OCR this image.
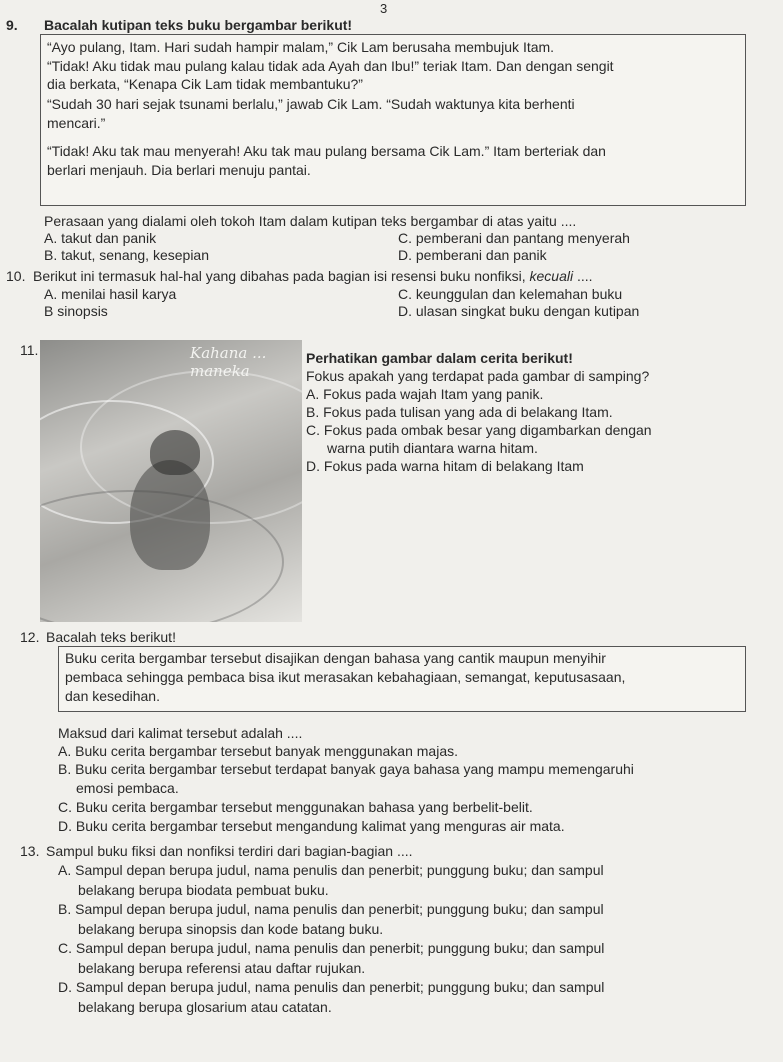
3
9. Bacalah kutipan teks buku bergambar berikut!

“Ayo pulang, Itam. Hari sudah hampir malam,” Cik Lam berusaha membujuk Itam.

“Tidak! Aku tidak mau pulang kalau tidak ada Ayah dan Ibu!” teriak Itam. Dan dengan sengit

dia berkata, “Kenapa Cik Lam tidak membantuku?”

“Sudah 30 hari sejak tsunami berlalu,” jawab Cik Lam. “Sudah waktunya kita berhenti

mencari.”

“Tidak! Aku tak mau menyerah! Aku tak mau pulang bersama Cik Lam.” Itam berteriak dan

berlari menjauh. Dia berlari menuju pantai.

Perasaan yang dialami oleh tokoh Itam dalam kutipan teks bergambar di atas yaitu ....
A. takut dan panik
B. takut, senang, kesepian
C. pemberani dan pantang menyerah
D. pemberani dan panik
10. Berikut ini termasuk hal-hal yang dibahas pada bagian isi resensi buku nonfiksi, kecuali ....
A. menilai hasil karya
B sinopsis
C. keunggulan dan kelemahan buku
D. ulasan singkat buku dengan kutipan
11.	Kahana ... maneka
Perhatikan gambar dalam cerita berikut!
Fokus apakah yang terdapat pada gambar di samping?
A. Fokus pada wajah Itam yang panik.
B. Fokus pada tulisan yang ada di belakang Itam.
C. Fokus pada ombak besar yang digambarkan dengan
warna putih diantara warna hitam.
D. Fokus pada warna hitam di belakang Itam
12. Bacalah teks berikut!

Buku cerita bergambar tersebut disajikan dengan bahasa yang cantik maupun menyihir

pembaca sehingga pembaca bisa ikut merasakan kebahagiaan, semangat, keputusasaan,

dan kesedihan.

Maksud dari kalimat tersebut adalah ....
A. Buku cerita bergambar tersebut banyak menggunakan majas.
B. Buku cerita bergambar tersebut terdapat banyak gaya bahasa yang mampu memengaruhi
emosi pembaca.
C. Buku cerita bergambar tersebut menggunakan bahasa yang berbelit-belit.
D. Buku cerita bergambar tersebut mengandung kalimat yang menguras air mata.
13. Sampul buku fiksi dan nonfiksi terdiri dari bagian-bagian ....
A. Sampul depan berupa judul, nama penulis dan penerbit; punggung buku; dan sampul
belakang berupa biodata pembuat buku.
B. Sampul depan berupa judul, nama penulis dan penerbit; punggung buku; dan sampul
belakang berupa sinopsis dan kode batang buku.
C. Sampul depan berupa judul, nama penulis dan penerbit; punggung buku; dan sampul
belakang berupa referensi atau daftar rujukan.
D. Sampul depan berupa judul, nama penulis dan penerbit; punggung buku; dan sampul
belakang berupa glosarium atau catatan.
